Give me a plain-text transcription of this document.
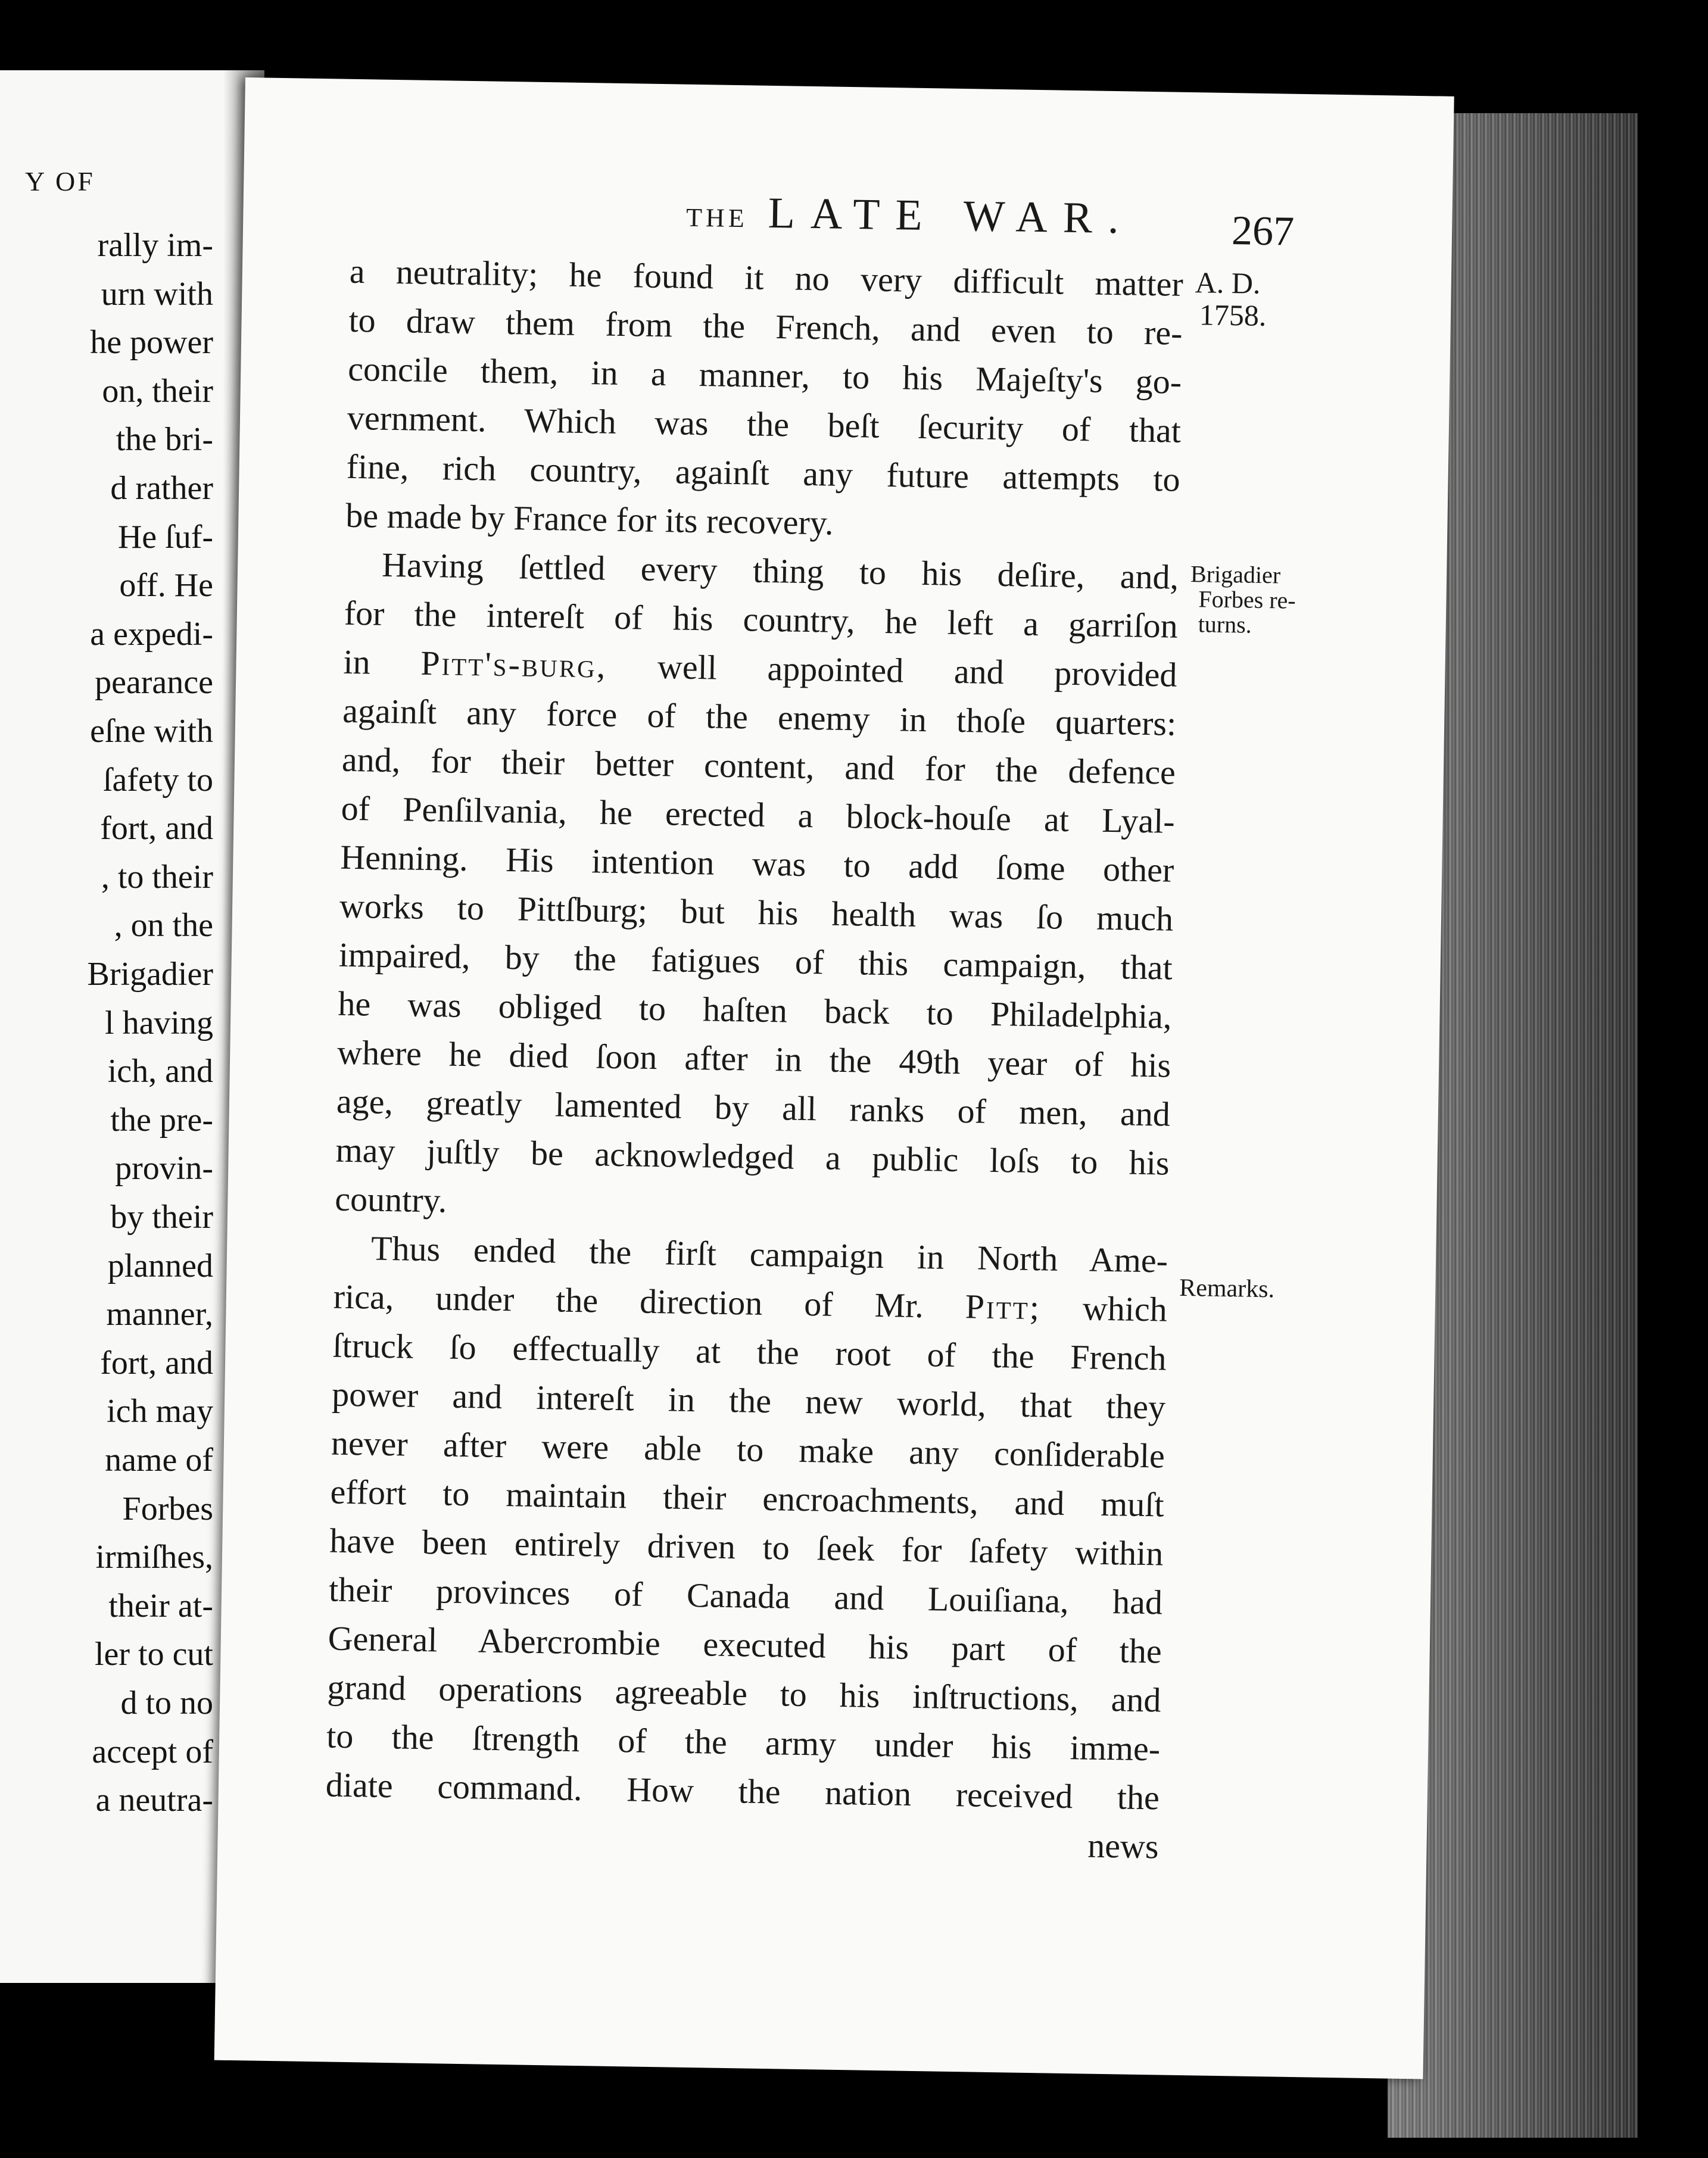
Y OF
rally im-
urn with
he power
on, their
the bri-
d rather
He ſuf-
off. He
a expedi-
pearance
eſne with
ſafety to
fort, and
, to their
, on the
Brigadier
l having
ich, and
the pre-
provin-
by their
planned
manner,
fort, and
ich may
name of
Forbes
irmiſhes,
their at-
ler to cut
d to no
accept of
a neutra-
THE LATE WAR.	267
A. D.
1758.
Brigadier
Forbes re-
turns.
Remarks.
a neutrality; he found it no very difficult matter
to draw them from the French, and even to re-
concile them, in a manner, to his Majeſty's go-
vernment. Which was the beſt ſecurity of that
fine, rich country, againſt any future attempts to
be made by France for its recovery.
Having ſettled every thing to his deſire, and,
for the intereſt of his country, he left a garriſon
in Pitt's-burg, well appointed and provided
againſt any force of the enemy in thoſe quarters:
and, for their better content, and for the defence
of Penſilvania, he erected a block-houſe at Lyal-
Henning. His intention was to add ſome other
works to Pittſburg; but his health was ſo much
impaired, by the fatigues of this campaign, that
he was obliged to haſten back to Philadelphia,
where he died ſoon after in the 49th year of his
age, greatly lamented by all ranks of men, and
may juſtly be acknowledged a public loſs to his
country.
Thus ended the firſt campaign in North Ame-
rica, under the direction of Mr. Pitt; which
ſtruck ſo effectually at the root of the French
power and intereſt in the new world, that they
never after were able to make any conſiderable
effort to maintain their encroachments, and muſt
have been entirely driven to ſeek for ſafety within
their provinces of Canada and Louiſiana, had
General Abercrombie executed his part of the
grand operations agreeable to his inſtructions, and
to the ſtrength of the army under his imme-
diate command. How the nation received the
news
